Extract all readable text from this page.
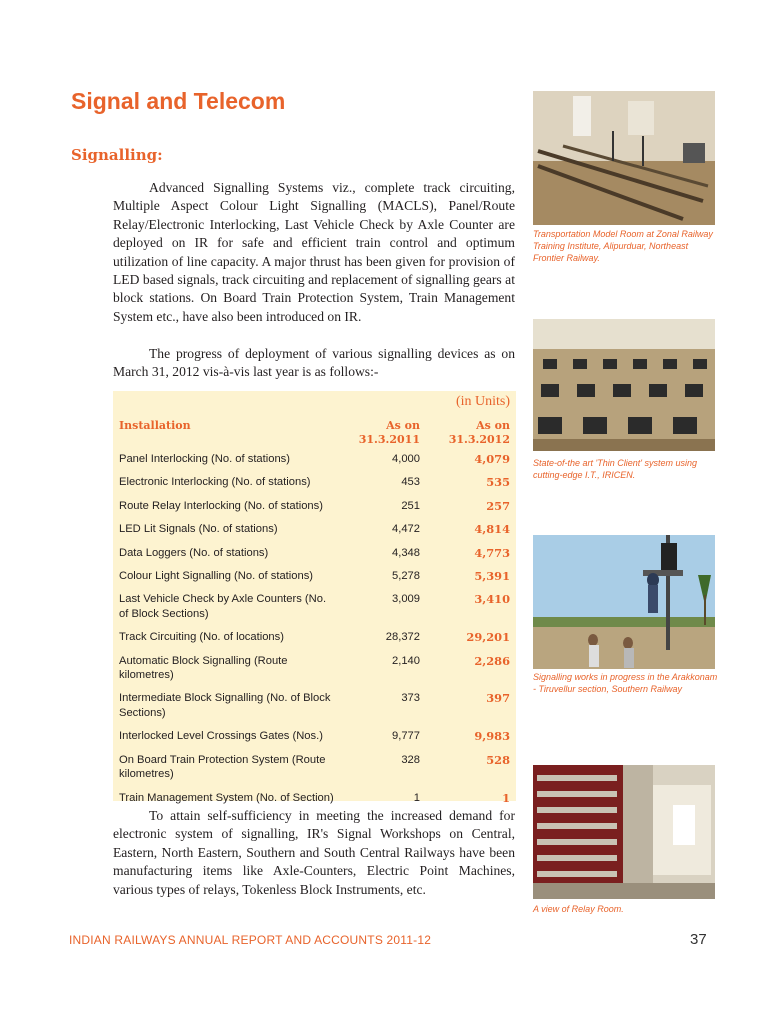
Signal and Telecom
Signalling:

Advanced Signalling Systems viz., complete track circuiting, Multiple Aspect Colour Light Signalling (MACLS), Panel/Route Relay/Electronic Interlocking, Last Vehicle Check by Axle Counter are deployed on IR for safe and efficient train control and optimum utilization of line capacity. A major thrust has been given for provision of LED based signals, track circuiting and replacement of signalling gears at block stations. On Board Train Protection System, Train Management System etc., have also been introduced on IR.

The progress of deployment of various signalling devices as on March 31, 2012 vis-à-vis last year is as follows:-

(in Units)
Installation	As on 31.3.2011	As on 31.3.2012
Panel Interlocking (No. of stations)	4,000	4,079
Electronic Interlocking (No. of stations)	453	535
Route Relay Interlocking (No. of stations)	251	257
LED Lit Signals (No. of stations)	4,472	4,814
Data Loggers (No. of stations)	4,348	4,773
Colour Light Signalling (No. of stations)	5,278	5,391
Last Vehicle Check by Axle Counters (No. of Block Sections)	3,009	3,410
Track Circuiting (No. of locations)	28,372	29,201
Automatic Block Signalling (Route kilometres)	2,140	2,286
Intermediate Block Signalling (No. of Block Sections)	373	397
Interlocked Level Crossings Gates (Nos.)	9,777	9,983
On Board Train Protection System (Route kilometres)	328	528
Train Management System (No. of Section)	1	1

To attain self-sufficiency in meeting the increased demand for electronic system of signalling, IR's Signal Workshops on Central, Eastern, North Eastern, Southern and South Central Railways have been manufacturing items like Axle-Counters, Electric Point Machines, various types of relays, Tokenless Block Instruments, etc.

Transportation Model Room at Zonal Railway Training Institute, Alipurduar, Northeast Frontier Railway.
State-of-the art 'Thin Client' system using cutting-edge I.T., IRICEN.
Signalling works in progress in the Arakkonam - Tiruvellur section, Southern Railway
A view of Relay Room.
INDIAN RAILWAYS ANNUAL REPORT AND ACCOUNTS 2011-12	37
